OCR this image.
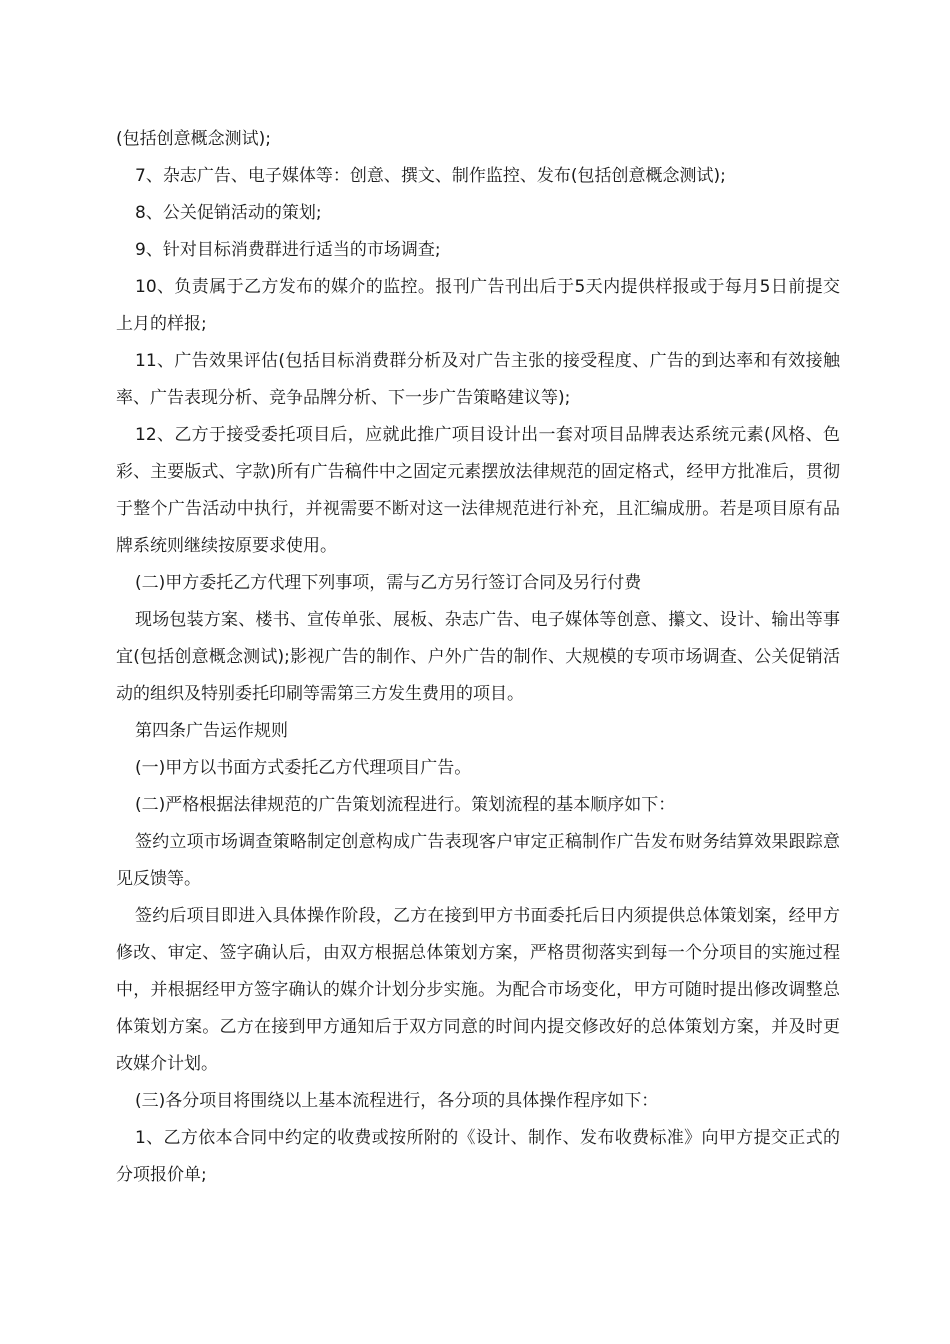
(包括创意概念测试);

7、杂志广告、电子媒体等：创意、撰文、制作监控、发布(包括创意概念测试);

8、公关促销活动的策划;

9、针对目标消费群进行适当的市场调查;

10、负责属于乙方发布的媒介的监控。报刊广告刊出后于5天内提供样报或于每月5日前提交上月的样报;

11、广告效果评估(包括目标消费群分析及对广告主张的接受程度、广告的到达率和有效接触率、广告表现分析、竞争品牌分析、下一步广告策略建议等);

12、乙方于接受委托项目后，应就此推广项目设计出一套对项目品牌表达系统元素(风格、色彩、主要版式、字款)所有广告稿件中之固定元素摆放法律规范的固定格式，经甲方批准后，贯彻于整个广告活动中执行，并视需要不断对这一法律规范进行补充，且汇编成册。若是项目原有品牌系统则继续按原要求使用。

(二)甲方委托乙方代理下列事项，需与乙方另行签订合同及另行付费

现场包装方案、楼书、宣传单张、展板、杂志广告、电子媒体等创意、攥文、设计、输出等事宜(包括创意概念测试);影视广告的制作、户外广告的制作、大规模的专项市场调查、公关促销活动的组织及特别委托印刷等需第三方发生费用的项目。

第四条广告运作规则

(一)甲方以书面方式委托乙方代理项目广告。

(二)严格根据法律规范的广告策划流程进行。策划流程的基本顺序如下：

签约立项市场调查策略制定创意构成广告表现客户审定正稿制作广告发布财务结算效果跟踪意见反馈等。

签约后项目即进入具体操作阶段，乙方在接到甲方书面委托后日内须提供总体策划案，经甲方修改、审定、签字确认后，由双方根据总体策划方案，严格贯彻落实到每一个分项目的实施过程中，并根据经甲方签字确认的媒介计划分步实施。为配合市场变化，甲方可随时提出修改调整总体策划方案。乙方在接到甲方通知后于双方同意的时间内提交修改好的总体策划方案，并及时更改媒介计划。

(三)各分项目将围绕以上基本流程进行，各分项的具体操作程序如下：

1、乙方依本合同中约定的收费或按所附的《设计、制作、发布收费标准》向甲方提交正式的分项报价单;
